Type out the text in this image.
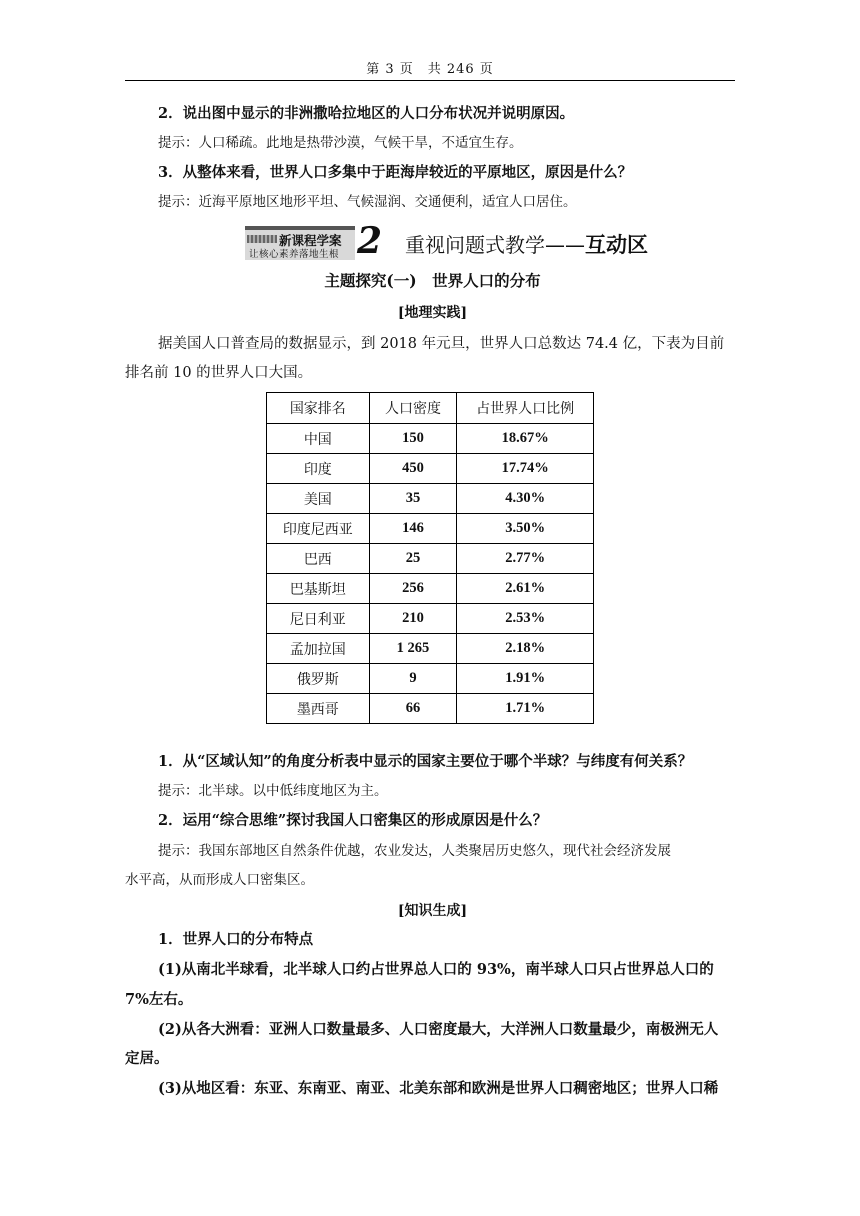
第 3 页　共 246 页
2．说出图中显示的非洲撒哈拉地区的人口分布状况并说明原因。
提示：人口稀疏。此地是热带沙漠，气候干旱，不适宜生存。
3．从整体来看，世界人口多集中于距海岸较近的平原地区，原因是什么？
提示：近海平原地区地形平坦、气候湿润、交通便利，适宜人口居住。
新课程学案
让核心素养落地生根 2 重视问题式教学——互动区
主题探究(一)　世界人口的分布
[地理实践]
据美国人口普查局的数据显示，到 2018 年元旦，世界人口总数达 74.4 亿，下表为目前
排名前 10 的世界人口大国。
国家排名	人口密度	占世界人口比例
中国	150	18.67%
印度	450	17.74%
美国	35	4.30%
印度尼西亚	146	3.50%
巴西	25	2.77%
巴基斯坦	256	2.61%
尼日利亚	210	2.53%
孟加拉国	1 265	2.18%
俄罗斯	9	1.91%
墨西哥	66	1.71%
1．从“区域认知”的角度分析表中显示的国家主要位于哪个半球？与纬度有何关系？
提示：北半球。以中低纬度地区为主。
2．运用“综合思维”探讨我国人口密集区的形成原因是什么？
提示：我国东部地区自然条件优越，农业发达，人类聚居历史悠久，现代社会经济发展
水平高，从而形成人口密集区。
[知识生成]
1．世界人口的分布特点
(1)从南北半球看，北半球人口约占世界总人口的 93%，南半球人口只占世界总人口的
7%左右。
(2)从各大洲看：亚洲人口数量最多、人口密度最大，大洋洲人口数量最少，南极洲无人
定居。
(3)从地区看：东亚、东南亚、南亚、北美东部和欧洲是世界人口稠密地区；世界人口稀
